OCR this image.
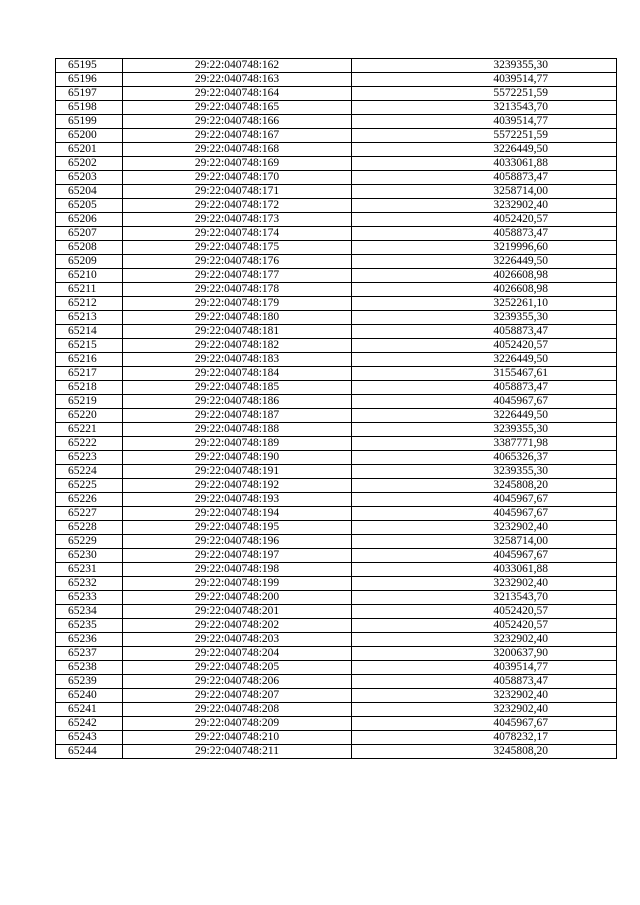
65195	29:22:040748:162	3239355,30
65196	29:22:040748:163	4039514,77
65197	29:22:040748:164	5572251,59
65198	29:22:040748:165	3213543,70
65199	29:22:040748:166	4039514,77
65200	29:22:040748:167	5572251,59
65201	29:22:040748:168	3226449,50
65202	29:22:040748:169	4033061,88
65203	29:22:040748:170	4058873,47
65204	29:22:040748:171	3258714,00
65205	29:22:040748:172	3232902,40
65206	29:22:040748:173	4052420,57
65207	29:22:040748:174	4058873,47
65208	29:22:040748:175	3219996,60
65209	29:22:040748:176	3226449,50
65210	29:22:040748:177	4026608,98
65211	29:22:040748:178	4026608,98
65212	29:22:040748:179	3252261,10
65213	29:22:040748:180	3239355,30
65214	29:22:040748:181	4058873,47
65215	29:22:040748:182	4052420,57
65216	29:22:040748:183	3226449,50
65217	29:22:040748:184	3155467,61
65218	29:22:040748:185	4058873,47
65219	29:22:040748:186	4045967,67
65220	29:22:040748:187	3226449,50
65221	29:22:040748:188	3239355,30
65222	29:22:040748:189	3387771,98
65223	29:22:040748:190	4065326,37
65224	29:22:040748:191	3239355,30
65225	29:22:040748:192	3245808,20
65226	29:22:040748:193	4045967,67
65227	29:22:040748:194	4045967,67
65228	29:22:040748:195	3232902,40
65229	29:22:040748:196	3258714,00
65230	29:22:040748:197	4045967,67
65231	29:22:040748:198	4033061,88
65232	29:22:040748:199	3232902,40
65233	29:22:040748:200	3213543,70
65234	29:22:040748:201	4052420,57
65235	29:22:040748:202	4052420,57
65236	29:22:040748:203	3232902,40
65237	29:22:040748:204	3200637,90
65238	29:22:040748:205	4039514,77
65239	29:22:040748:206	4058873,47
65240	29:22:040748:207	3232902,40
65241	29:22:040748:208	3232902,40
65242	29:22:040748:209	4045967,67
65243	29:22:040748:210	4078232,17
65244	29:22:040748:211	3245808,20
